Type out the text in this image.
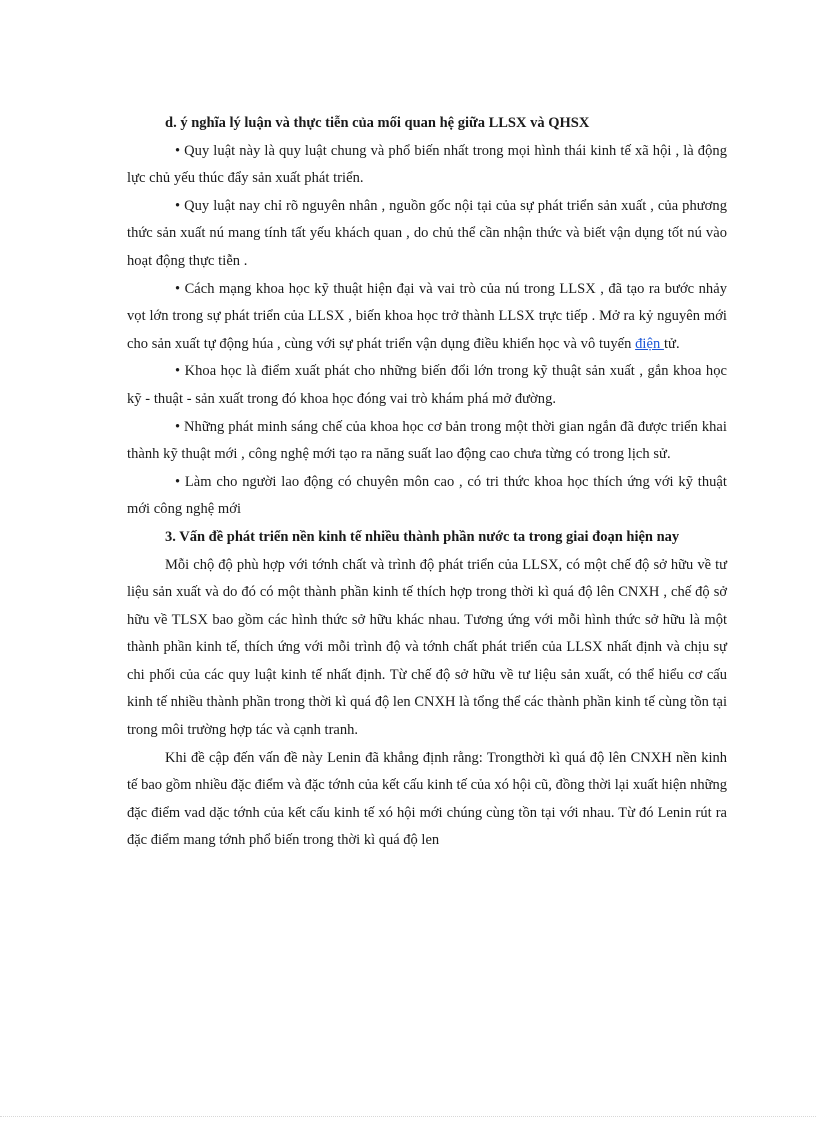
d. ý nghĩa lý luận và thực tiễn của mối quan hệ giữa LLSX và QHSX

• Quy luật này là quy luật chung và phổ biến nhất trong mọi hình thái kinh tế xã hội , là động lực chủ yếu thúc đẩy sản xuất phát triển.

• Quy luật nay chỉ rõ nguyên nhân , nguồn gốc nội tại của sự phát triển sản xuất , của phương thức sản xuất nú mang tính tất yếu khách quan , do chủ thể cần nhận thức và biết vận dụng tốt nú vào hoạt động thực tiễn .

• Cách mạng khoa học kỹ thuật hiện đại và vai trò của nú trong LLSX , đã tạo ra bước nhảy vọt lớn trong sự phát triển của LLSX , biến khoa học trở thành LLSX trực tiếp . Mở ra kỷ nguyên mới cho sản xuất tự động húa , cùng với sự phát triển vận dụng điều khiển học và vô tuyến điện tử.

• Khoa học là điểm xuất phát cho những biến đổi lớn trong kỹ thuật sản xuất , gắn khoa học kỹ - thuật - sản xuất trong đó khoa học đóng vai trò khám phá mở đường.

• Những phát minh sáng chế của khoa học cơ bản trong một thời gian ngắn đã được triển khai thành kỹ thuật mới , công nghệ mới tạo ra năng suất lao động cao chưa từng có trong lịch sử.

• Làm cho người lao động có chuyên môn cao , có tri thức khoa học thích ứng với kỹ thuật mới công nghệ mới

3. Vấn đề phát triển nền kinh tế nhiều thành phần nước ta trong giai đoạn hiện nay

Mỗi chộ độ phù hợp với tớnh chất và trình độ phát triển của LLSX, có một chế độ sở hữu về tư liệu sản xuất và do đó có một thành phần kinh tế thích hợp trong thời kì quá độ lên CNXH , chế độ sở hữu về TLSX bao gồm các hình thức sở hữu khác nhau. Tương ứng với mỗi hình thức sở hữu là một thành phần kinh tế, thích ứng với mỗi trình độ và tớnh chất phát triển của LLSX nhất định và chịu sự chi phối của các quy luật kinh tế nhất định. Từ chế độ sở hữu về tư liệu sản xuất, có thể hiểu cơ cấu kinh tế nhiều thành phần trong thời kì quá độ len CNXH là tổng thể các thành phần kinh tế cùng tồn tại trong môi trường hợp tác và cạnh tranh.

Khi đề cập đến vấn đề này Lenin đã khẳng định rằng: Trongthời kì quá độ lên CNXH nền kinh tế bao gồm nhiều đặc điểm và đặc tớnh của kết cấu kinh tế của xó hội cũ, đồng thời lại xuất hiện những đặc điểm vad dặc tớnh của kết cấu kinh tế xó hội mới chúng cùng tồn tại với nhau. Từ đó Lenin rút ra đặc điểm mang tớnh phổ biến trong thời kì quá độ len
